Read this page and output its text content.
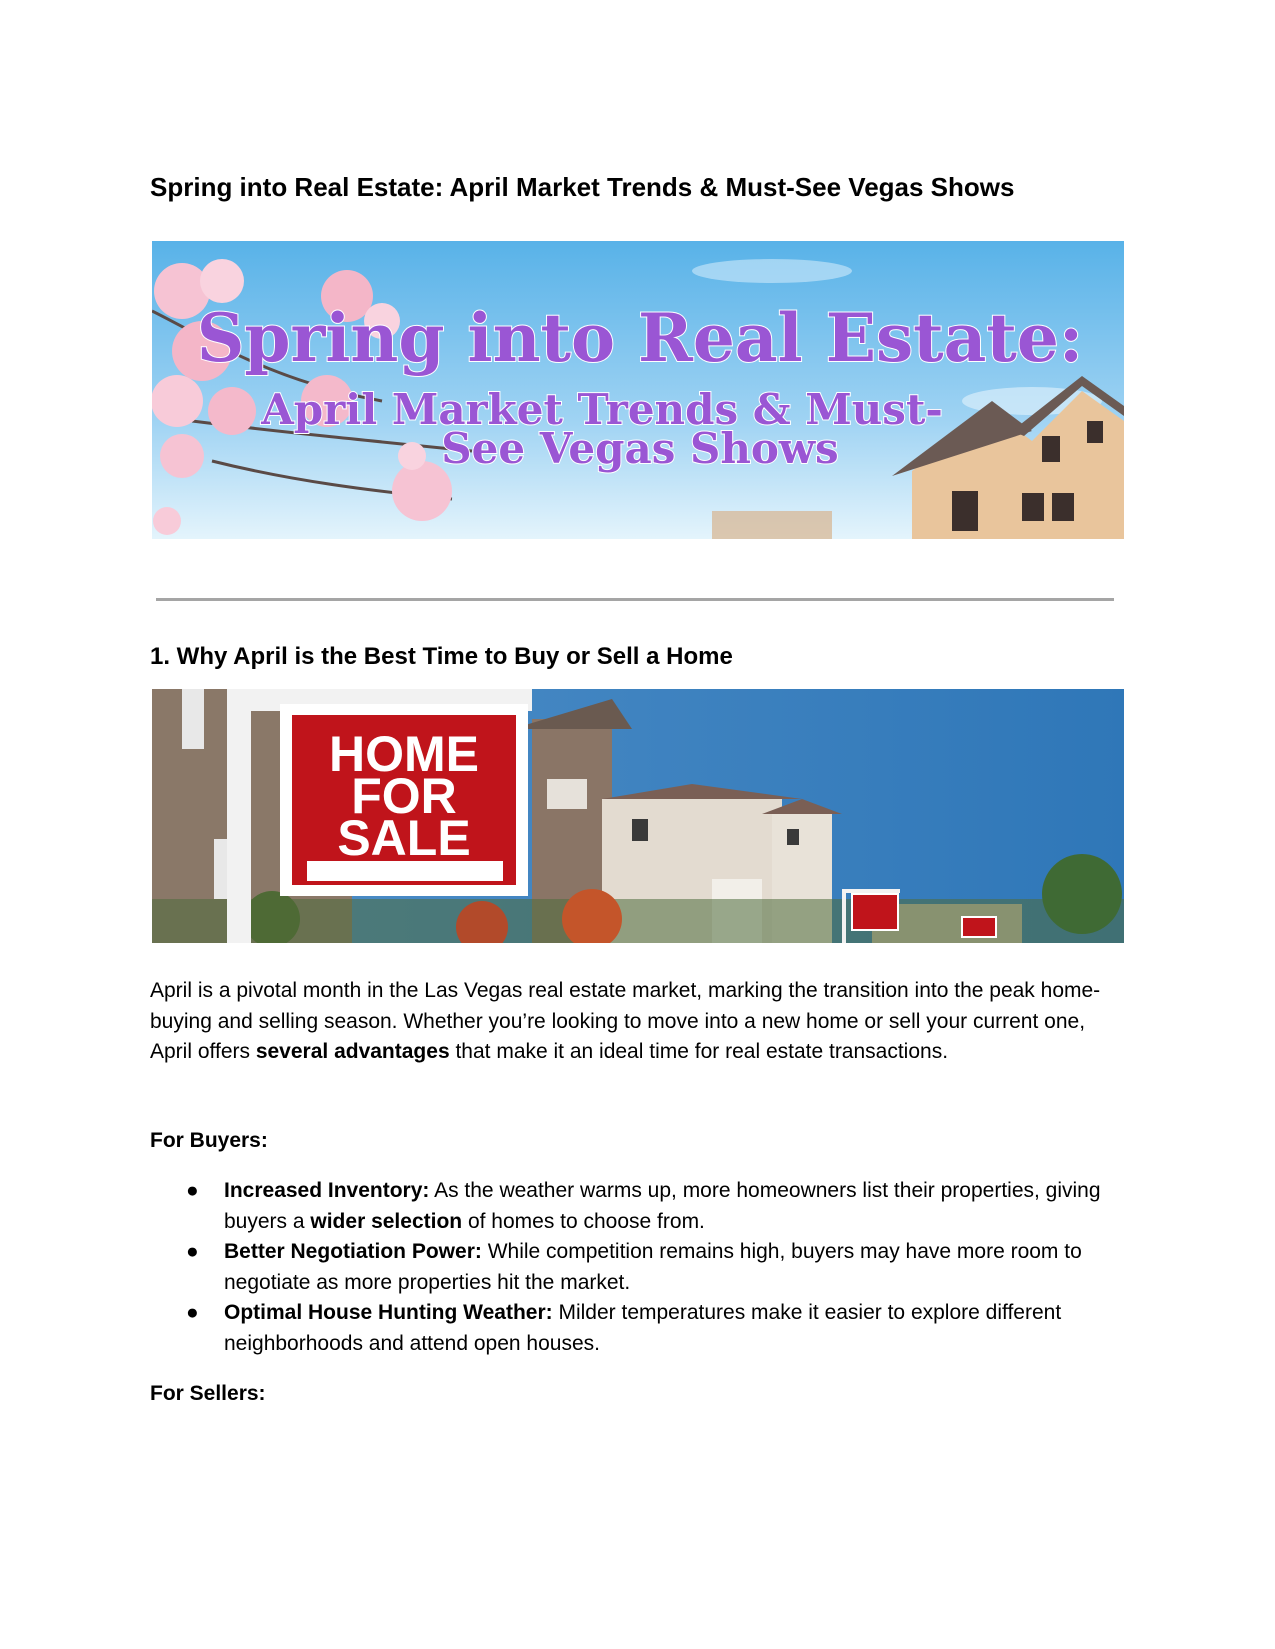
Spring into Real Estate: April Market Trends & Must-See Vegas Shows
Spring into Real Estate:
April Market Trends & Must-
See Vegas Shows
1. Why April is the Best Time to Buy or Sell a Home
HOME
FOR
SALE

April is a pivotal month in the Las Vegas real estate market, marking the transition into the peak home-buying and selling season. Whether you’re looking to move into a new home or sell your current one, April offers several advantages that make it an ideal time for real estate transactions.

For Buyers:
● Increased Inventory: As the weather warms up, more homeowners list their properties, giving buyers a wider selection of homes to choose from.
● Better Negotiation Power: While competition remains high, buyers may have more room to negotiate as more properties hit the market.
● Optimal House Hunting Weather: Milder temperatures make it easier to explore different neighborhoods and attend open houses.
For Sellers:
